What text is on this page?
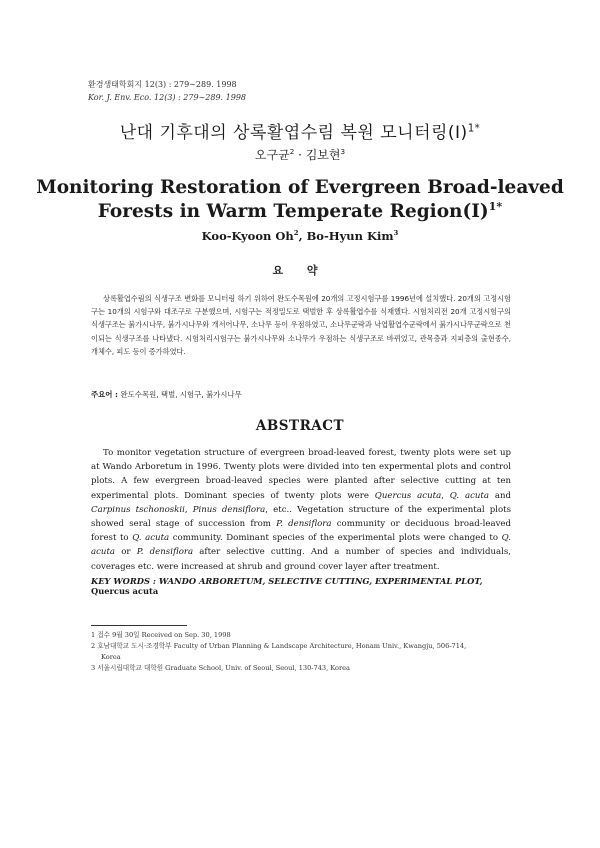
환경생태학회지 12(3) : 279∼289. 1998
Kor. J. Env. Eco. 12(3) : 279∼289. 1998
난대 기후대의 상록활엽수림 복원 모니터링(Ⅰ)$^{1*}$
오구균$^2$ · 김보현$^3$
Monitoring Restoration of Evergreen Broad-leaved
Forests in Warm Temperate $Region(I)^{1*}$
Koo-Kyoon Oh$^2$, Bo-Hyun Kim$^3$
요 약
상록활엽수림의 식생구조 변화를 모니터링 하기 위하여 완도수목원에 20개의 고정시험구를 1996년에 설치했다. 20개의 고정시험구는 10개의 시험구와 대조구로 구분했으며, 시험구는 적정밀도로 택벌한 후 상록활엽수를 식재했다. 시험처리전 20개 고정시험구의 식생구조는 붉가시나무, 붉가시나무와 개서어나무, 소나무 등이 우점하였고, 소나무군락과 낙엽활엽수군락에서 붉가시나무군락으로 천이되는 식생구조를 나타냈다. 시험처리시험구는 붉가시나무와 소나무가 우점하는 식생구조로 바뀌었고, 관목층과 지피층의 출현종수, 개체수, 피도 등이 증가하였다.
주요어 : 완도수목원, 택벌, 시험구, 붉가시나무
ABSTRACT
To monitor vegetation structure of evergreen broad-leaved forest, twenty plots were set up at Wando Arboretum in 1996. Twenty plots were divided into ten expermental plots and control plots. A few evergreen broad-leaved species were planted after selective cutting at ten experimental plots. Dominant species of twenty plots were Quercus acuta, Q. acuta and Carpinus tschonoskii, Pinus densiflora, etc.. Vegetation structure of the experimental plots showed seral stage of succession from P. densiflora community or deciduous broad-leaved forest to Q. acuta community. Dominant species of the experimental plots were changed to Q. acuta or P. densiflora after selective cutting. And a number of species and individuals, coverages etc. were increased at shrub and ground cover layer after treatment.
KEY WORDS : WANDO ARBORETUM, SELECTIVE CUTTING, EXPERIMENTAL PLOT, Quercus acuta
1 접수 9월 30일 Received on Sep. 30, 1998
2 호남대학교 도시·조경학부 Faculty of Urban Planning & Landscape Architecture, Honam Univ., Kwangju, 506-714,
Korea
3 서울시립대학교 대학원 Graduate School, Univ. of Seoul, Seoul, 130-743, Korea
